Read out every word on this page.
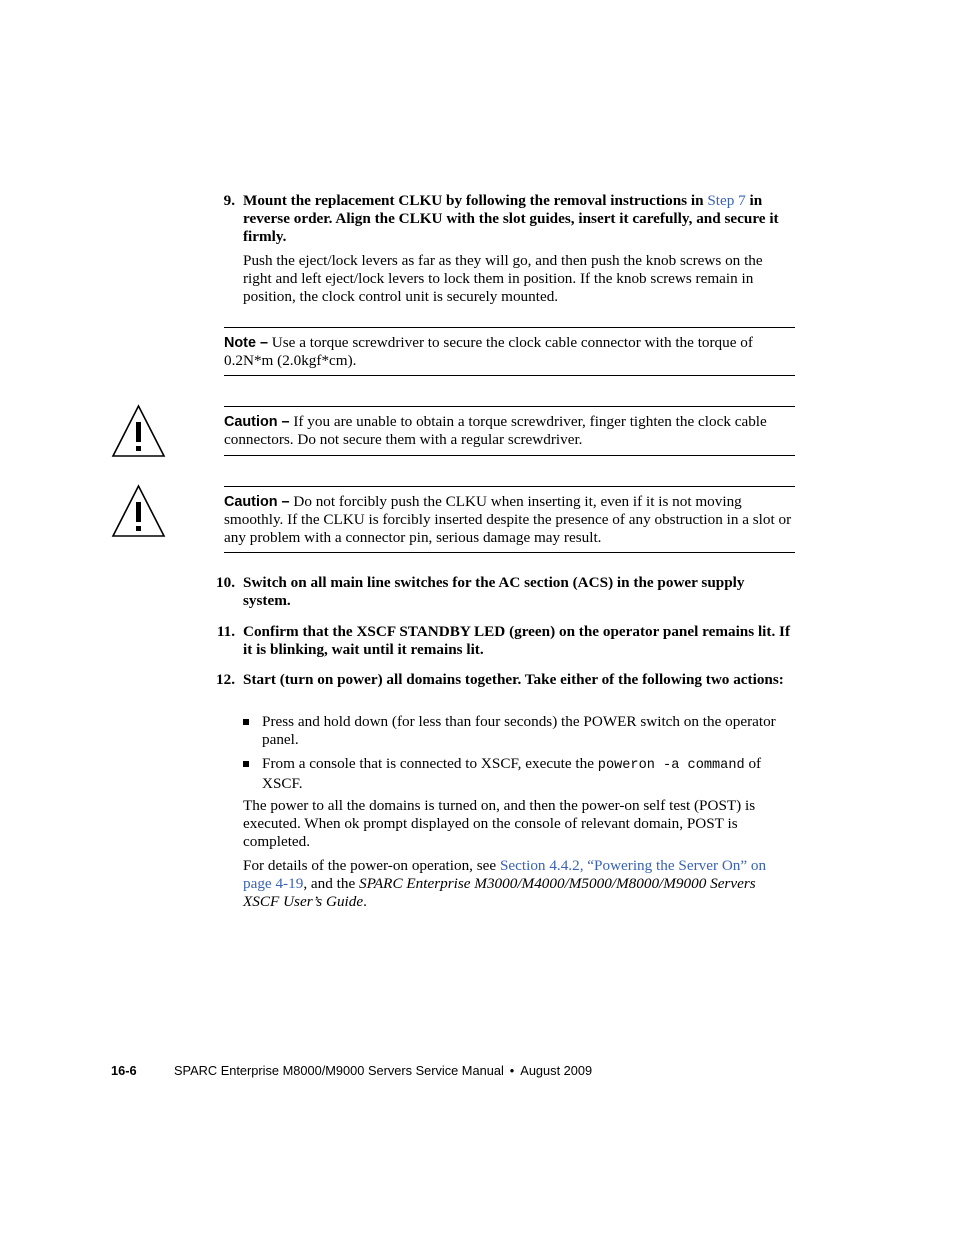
9. Mount the replacement CLKU by following the removal instructions in Step 7 in reverse order. Align the CLKU with the slot guides, insert it carefully, and secure it firmly.
Push the eject/lock levers as far as they will go, and then push the knob screws on the right and left eject/lock levers to lock them in position. If the knob screws remain in position, the clock control unit is securely mounted.
Note – Use a torque screwdriver to secure the clock cable connector with the torque of 0.2N*m (2.0kgf*cm).
Caution – If you are unable to obtain a torque screwdriver, finger tighten the clock cable connectors. Do not secure them with a regular screwdriver.
Caution – Do not forcibly push the CLKU when inserting it, even if it is not moving smoothly. If the CLKU is forcibly inserted despite the presence of any obstruction in a slot or any problem with a connector pin, serious damage may result.
10. Switch on all main line switches for the AC section (ACS) in the power supply system.
11. Confirm that the XSCF STANDBY LED (green) on the operator panel remains lit. If it is blinking, wait until it remains lit.
12. Start (turn on power) all domains together. Take either of the following two actions:
Press and hold down (for less than four seconds) the POWER switch on the operator panel.
From a console that is connected to XSCF, execute the poweron -a command of XSCF.
The power to all the domains is turned on, and then the power-on self test (POST) is executed. When ok prompt displayed on the console of relevant domain, POST is completed.
For details of the power-on operation, see Section 4.4.2, “Powering the Server On” on page 4-19, and the SPARC Enterprise M3000/M4000/M5000/M8000/M9000 Servers XSCF User’s Guide.
16-6	SPARC Enterprise M8000/M9000 Servers Service Manual • August 2009
